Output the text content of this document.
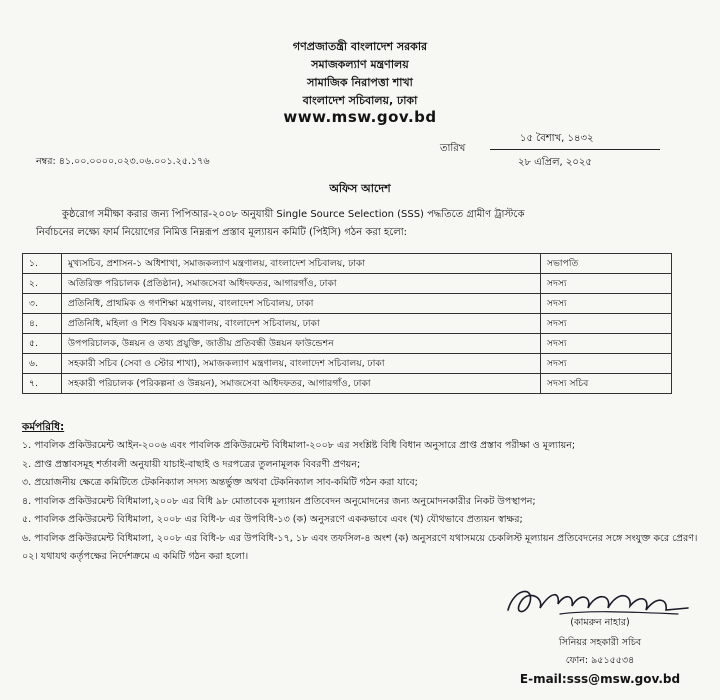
গণপ্রজাতন্ত্রী বাংলাদেশ সরকার
সমাজকল্যাণ মন্ত্রণালয়
সামাজিক নিরাপত্তা শাখা
বাংলাদেশ সচিবালয়, ঢাকা
www.msw.gov.bd
নম্বর: ৪১.০০.০০০০.০২৩.০৬.০০১.২৫.১৭৬
তারিখ
১৫ বৈশাখ, ১৪৩২
২৮ এপ্রিল, ২০২৫
অফিস আদেশ
কুষ্ঠরোগ সমীক্ষা করার জন্য পিপিআর-২০০৮ অনুযায়ী Single Source Selection (SSS) পদ্ধতিতে গ্রামীণ ট্রাস্টকে
নির্বাচনের লক্ষ্যে ফার্ম নিয়োগের নিমিত্ত নিম্নরূপ প্রস্তাব মূল্যায়ন কমিটি (পিইসি) গঠন করা হলো:
১.	মুখ্যসচিব, প্রশাসন-১ অধিশাখা, সমাজকল্যাণ মন্ত্রণালয়, বাংলাদেশ সচিবালয়, ঢাকা	সভাপতি
২.	অতিরিক্ত পরিচালক (প্রতিষ্ঠান), সমাজসেবা অধিদফতর, আগারগাঁও, ঢাকা	সদস্য
৩.	প্রতিনিধি, প্রাথমিক ও গণশিক্ষা মন্ত্রণালয়, বাংলাদেশ সচিবালয়, ঢাকা	সদস্য
৪.	প্রতিনিধি, মহিলা ও শিশু বিষয়ক মন্ত্রণালয়, বাংলাদেশ সচিবালয়, ঢাকা	সদস্য
৫.	উপপরিচালক, উন্নয়ন ও তথ্য প্রযুক্তি, জাতীয় প্রতিবন্ধী উন্নয়ন ফাউন্ডেশন	সদস্য
৬.	সহকারী সচিব (সেবা ও স্টোর শাখা), সমাজকল্যাণ মন্ত্রণালয়, বাংলাদেশ সচিবালয়, ঢাকা	সদস্য
৭.	সহকারী পরিচালক (পরিকল্পনা ও উন্নয়ন), সমাজসেবা অধিদফতর, আগারগাঁও, ঢাকা	সদস্য সচিব
কর্মপরিধি:
১. পাবলিক প্রকিউরমেন্ট আইন-২০০৬ এবং পাবলিক প্রকিউরমেন্ট বিধিমালা-২০০৮ এর সংশ্লিষ্ট বিধি বিধান অনুসারে প্রাপ্ত প্রস্তাব পরীক্ষা ও মূল্যায়ন;
২. প্রাপ্ত প্রস্তাবসমূহ শর্তাবলী অনুযায়ী যাচাই-বাছাই ও দরপত্রের তুলনামূলক বিবরণী প্রণয়ন;
৩. প্রয়োজনীয় ক্ষেত্রে কমিটিতে টেকনিক্যাল সদস্য অন্তর্ভুক্ত অথবা টেকনিক্যাল সাব-কমিটি গঠন করা যাবে;
৪. পাবলিক প্রকিউরমেন্ট বিধিমালা,২০০৮ এর বিধি ৯৮ মোতাবেক মূল্যায়ন প্রতিবেদন অনুমোদনের জন্য অনুমোদনকারীর নিকট উপস্থাপন;
৫. পাবলিক প্রকিউরমেন্ট বিধিমালা, ২০০৮ এর বিধি-৮ এর উপবিধি-১৩ (ক) অনুসরণে এককভাবে এবং (খ) যৌথভাবে প্রত্যয়ন স্বাক্ষর;
৬. পাবলিক প্রকিউরমেন্ট বিধিমালা, ২০০৮ এর বিধি-৮ এর উপবিধি-১৭, ১৮ এবং তফসিল-৪ অংশ (ক) অনুসরণে যথাসময়ে চেকলিস্ট মূল্যায়ন প্রতিবেদনের সঙ্গে সংযুক্ত করে প্রেরণ।
০২। যথাযথ কর্তৃপক্ষের নির্দেশক্রমে এ কমিটি গঠন করা হলো।
(কামরুন নাহার)
সিনিয়র সহকারী সচিব
ফোন: ৯৫১৫৫৩৪
E-mail:sss@msw.gov.bd
